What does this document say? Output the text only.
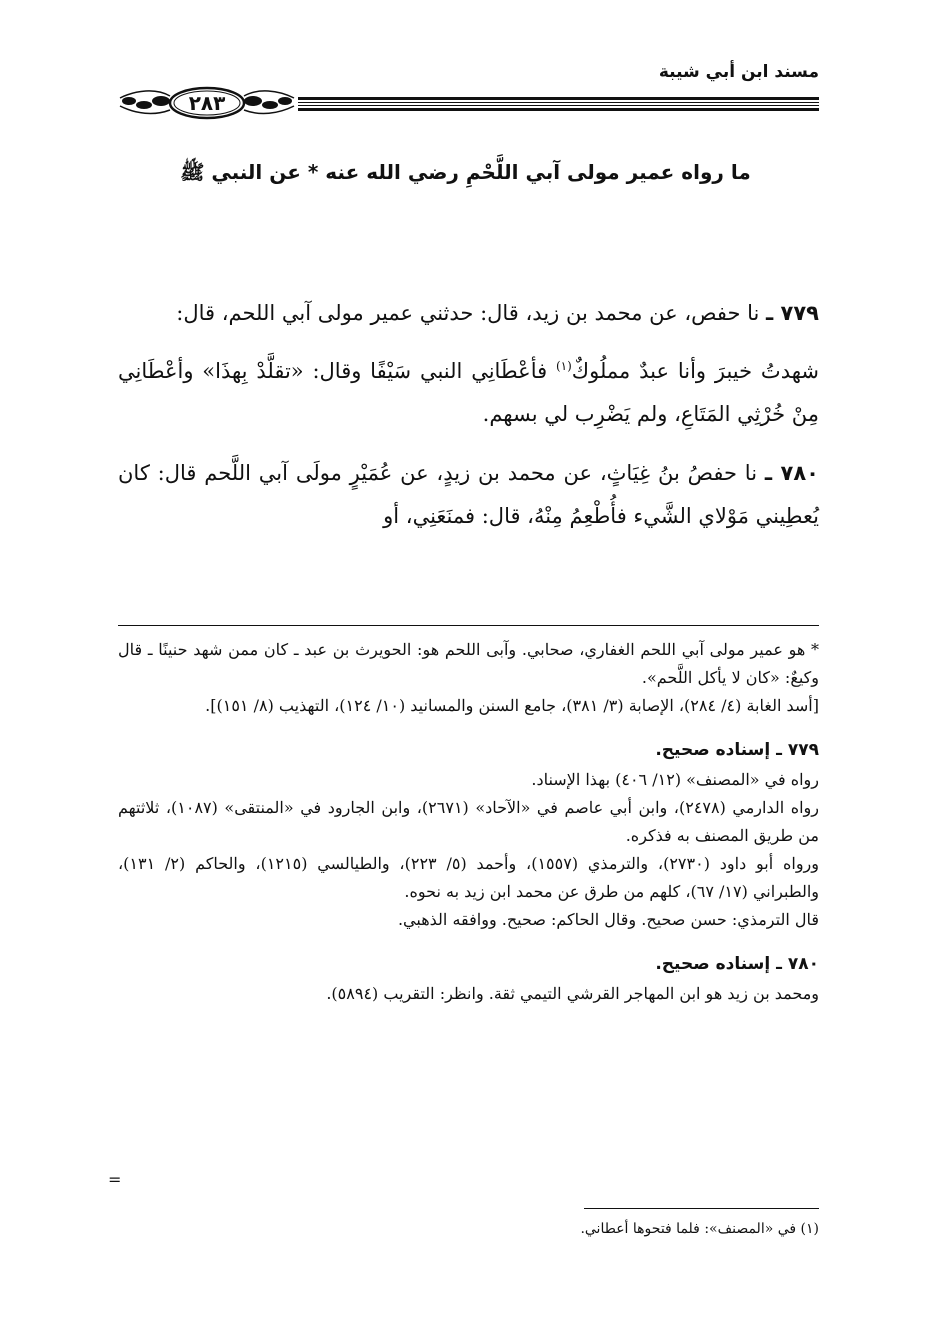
مسند ابن أبي شيبة
٢٨٣
ما رواه عمير مولى آبي اللَّحْمِ رضي الله عنه * عن النبي ﷺ

٧٧٩ ـ نا حفص، عن محمد بن زيد، قال: حدثني عمير مولى آبي اللحم، قال:

شهدتُ خيبرَ وأنا عبدٌ مملُوكٌ$^{(١)}$ فأعْطَانِي النبي سَيْفًا وقال: «تقلَّدْ بِهذَا» وأعْطَانِي مِنْ خُرْثِي المَتَاعِ، ولم يَضْرِب لي بسهم.

٧٨٠ ـ نا حفصُ بنُ غِيَاثٍ، عن محمد بن زيدٍ، عن عُمَيْرٍ مولَى آبي اللَّحم قال: كان يُعطِيني مَوْلاي الشَّيء فأُطْعِمُ مِنْهُ، قال: فمنَعَنِي، أو

* هو عمير مولى آبي اللحم الغفاري، صحابي. وآبى اللحم هو: الحويرث بن عبد ـ كان ممن شهد حنينًا ـ قال وكيعٌ: «كان لا يأكل اللَّحم».

[أسد الغابة (٤/ ٢٨٤)، الإصابة (٣/ ٣٨١)، جامع السنن والمسانيد (١٠/ ١٢٤)، التهذيب (٨/ ١٥١)].

٧٧٩ ـ إسناده صحيح.

رواه في «المصنف» (١٢/ ٤٠٦) بهذا الإسناد.

رواه الدارمي (٢٤٧٨)، وابن أبي عاصم في «الآحاد» (٢٦٧١)، وابن الجارود في «المنتقى» (١٠٨٧)، ثلاثتهم من طريق المصنف به فذكره.

ورواه أبو داود (٢٧٣٠)، والترمذي (١٥٥٧)، وأحمد (٥/ ٢٢٣)، والطيالسي (١٢١٥)، والحاكم (٢/ ١٣١)، والطبراني (١٧/ ٦٧)، كلهم من طرق عن محمد ابن زيد به نحوه.

قال الترمذي: حسن صحيح. وقال الحاكم: صحيح. ووافقه الذهبي.

٧٨٠ ـ إسناده صحيح.

ومحمد بن زيد هو ابن المهاجر القرشي التيمي ثقة. وانظر: التقريب (٥٨٩٤).

=
(١) في «المصنف»: فلما فتحوها أعطاني.
